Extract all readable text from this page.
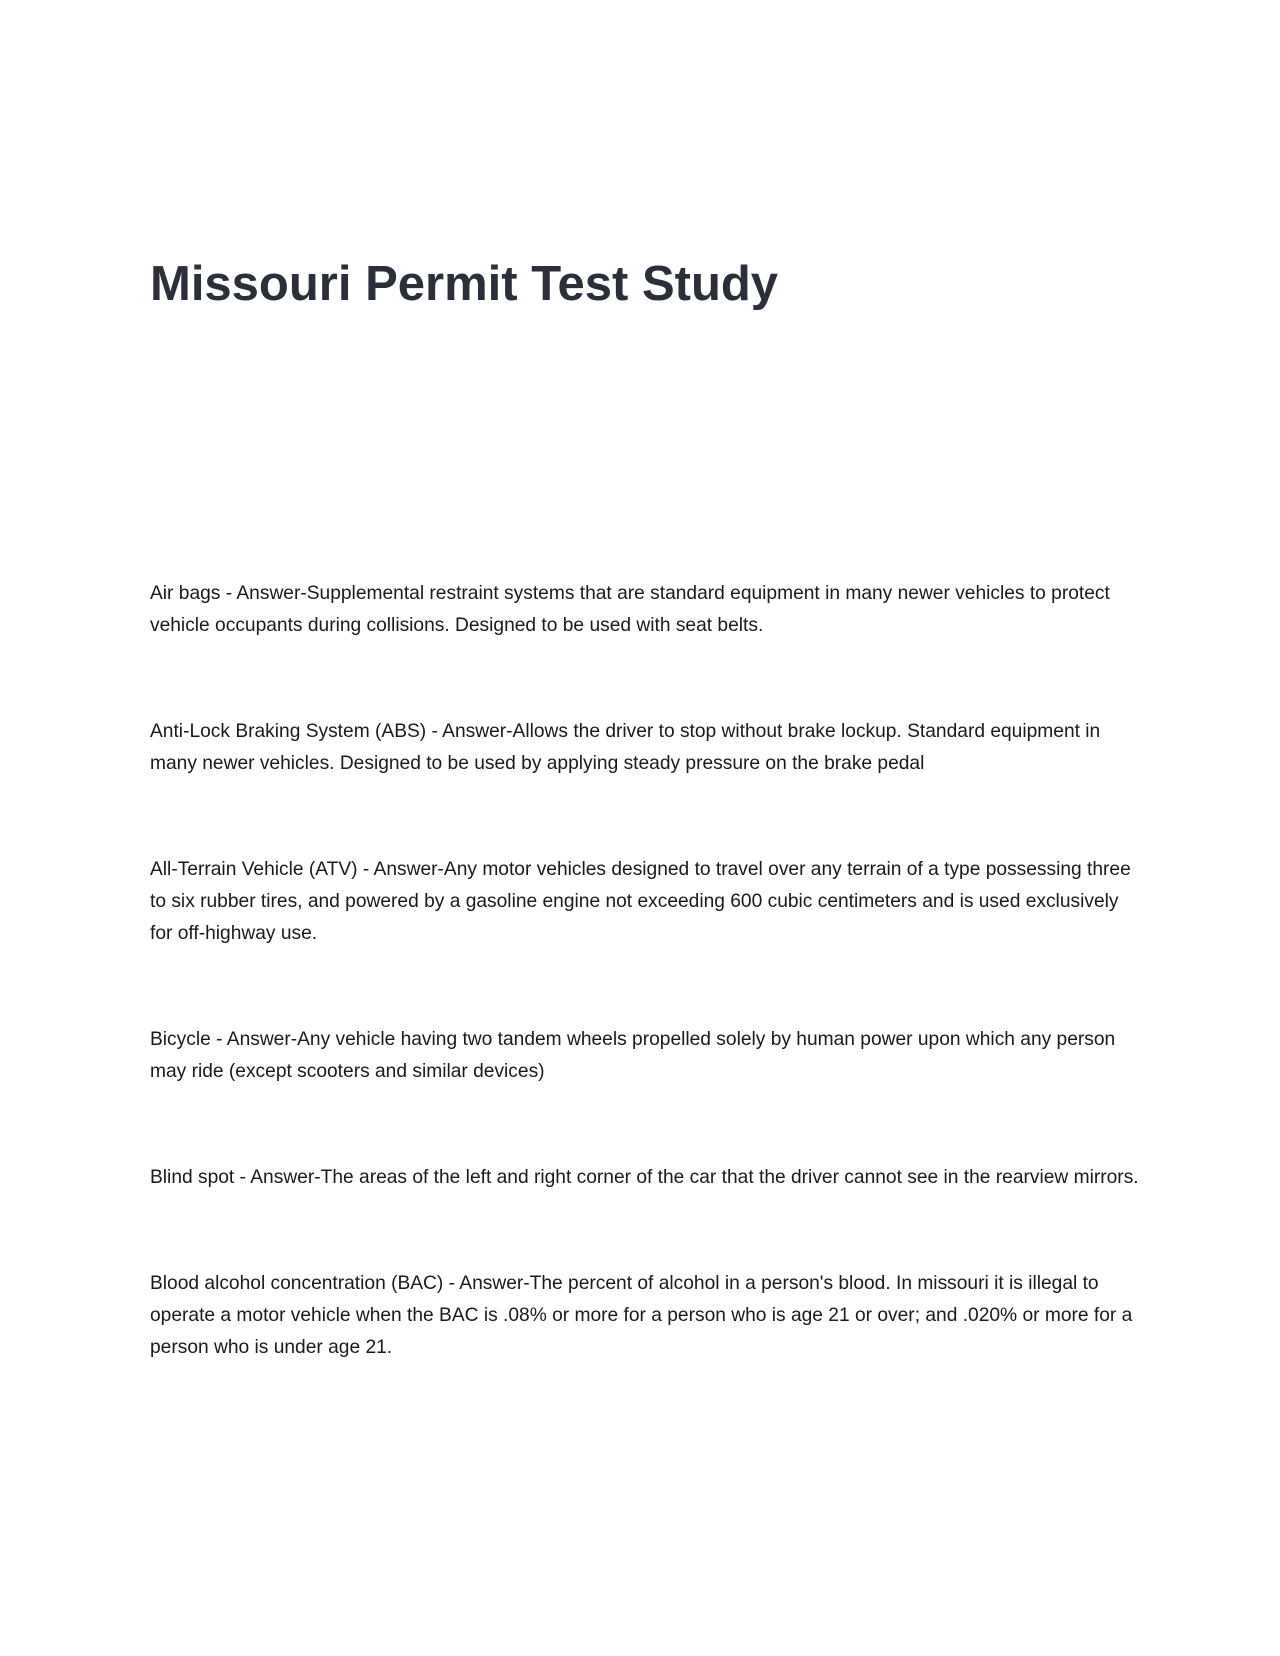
Missouri Permit Test Study

Air bags - Answer-Supplemental restraint systems that are standard equipment in many newer vehicles to protect vehicle occupants during collisions. Designed to be used with seat belts.

Anti-Lock Braking System (ABS) - Answer-Allows the driver to stop without brake lockup. Standard equipment in many newer vehicles. Designed to be used by applying steady pressure on the brake pedal

All-Terrain Vehicle (ATV) - Answer-Any motor vehicles designed to travel over any terrain of a type possessing three to six rubber tires, and powered by a gasoline engine not exceeding 600 cubic centimeters and is used exclusively for off-highway use.

Bicycle - Answer-Any vehicle having two tandem wheels propelled solely by human power upon which any person may ride (except scooters and similar devices)

Blind spot - Answer-The areas of the left and right corner of the car that the driver cannot see in the rearview mirrors.

Blood alcohol concentration (BAC) - Answer-The percent of alcohol in a person's blood. In missouri it is illegal to operate a motor vehicle when the BAC is .08% or more for a person who is age 21 or over; and .020% or more for a person who is under age 21.
